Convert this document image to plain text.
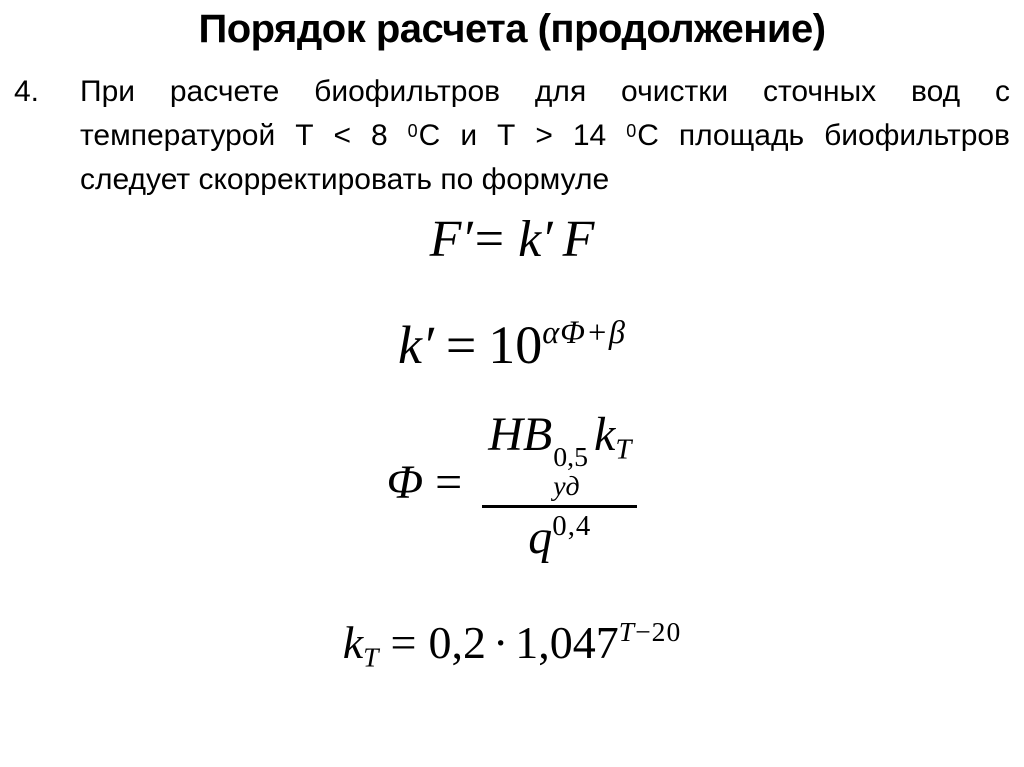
Порядок расчета (продолжение)
4.	При расчете биофильтров для очистки сточных вод с
температурой Т < 8 $^0$С и Т > 14 $^0$С площадь биофильтров
следует скорректировать по формуле
F′= k′ F
$k' = 10^{\alpha\Phi+\beta}$
Φ = НВ 0,5
уд
$k_T$
$q^{0,4}$
$k_T = 0,2 \cdot 1,047^{T-20}$
